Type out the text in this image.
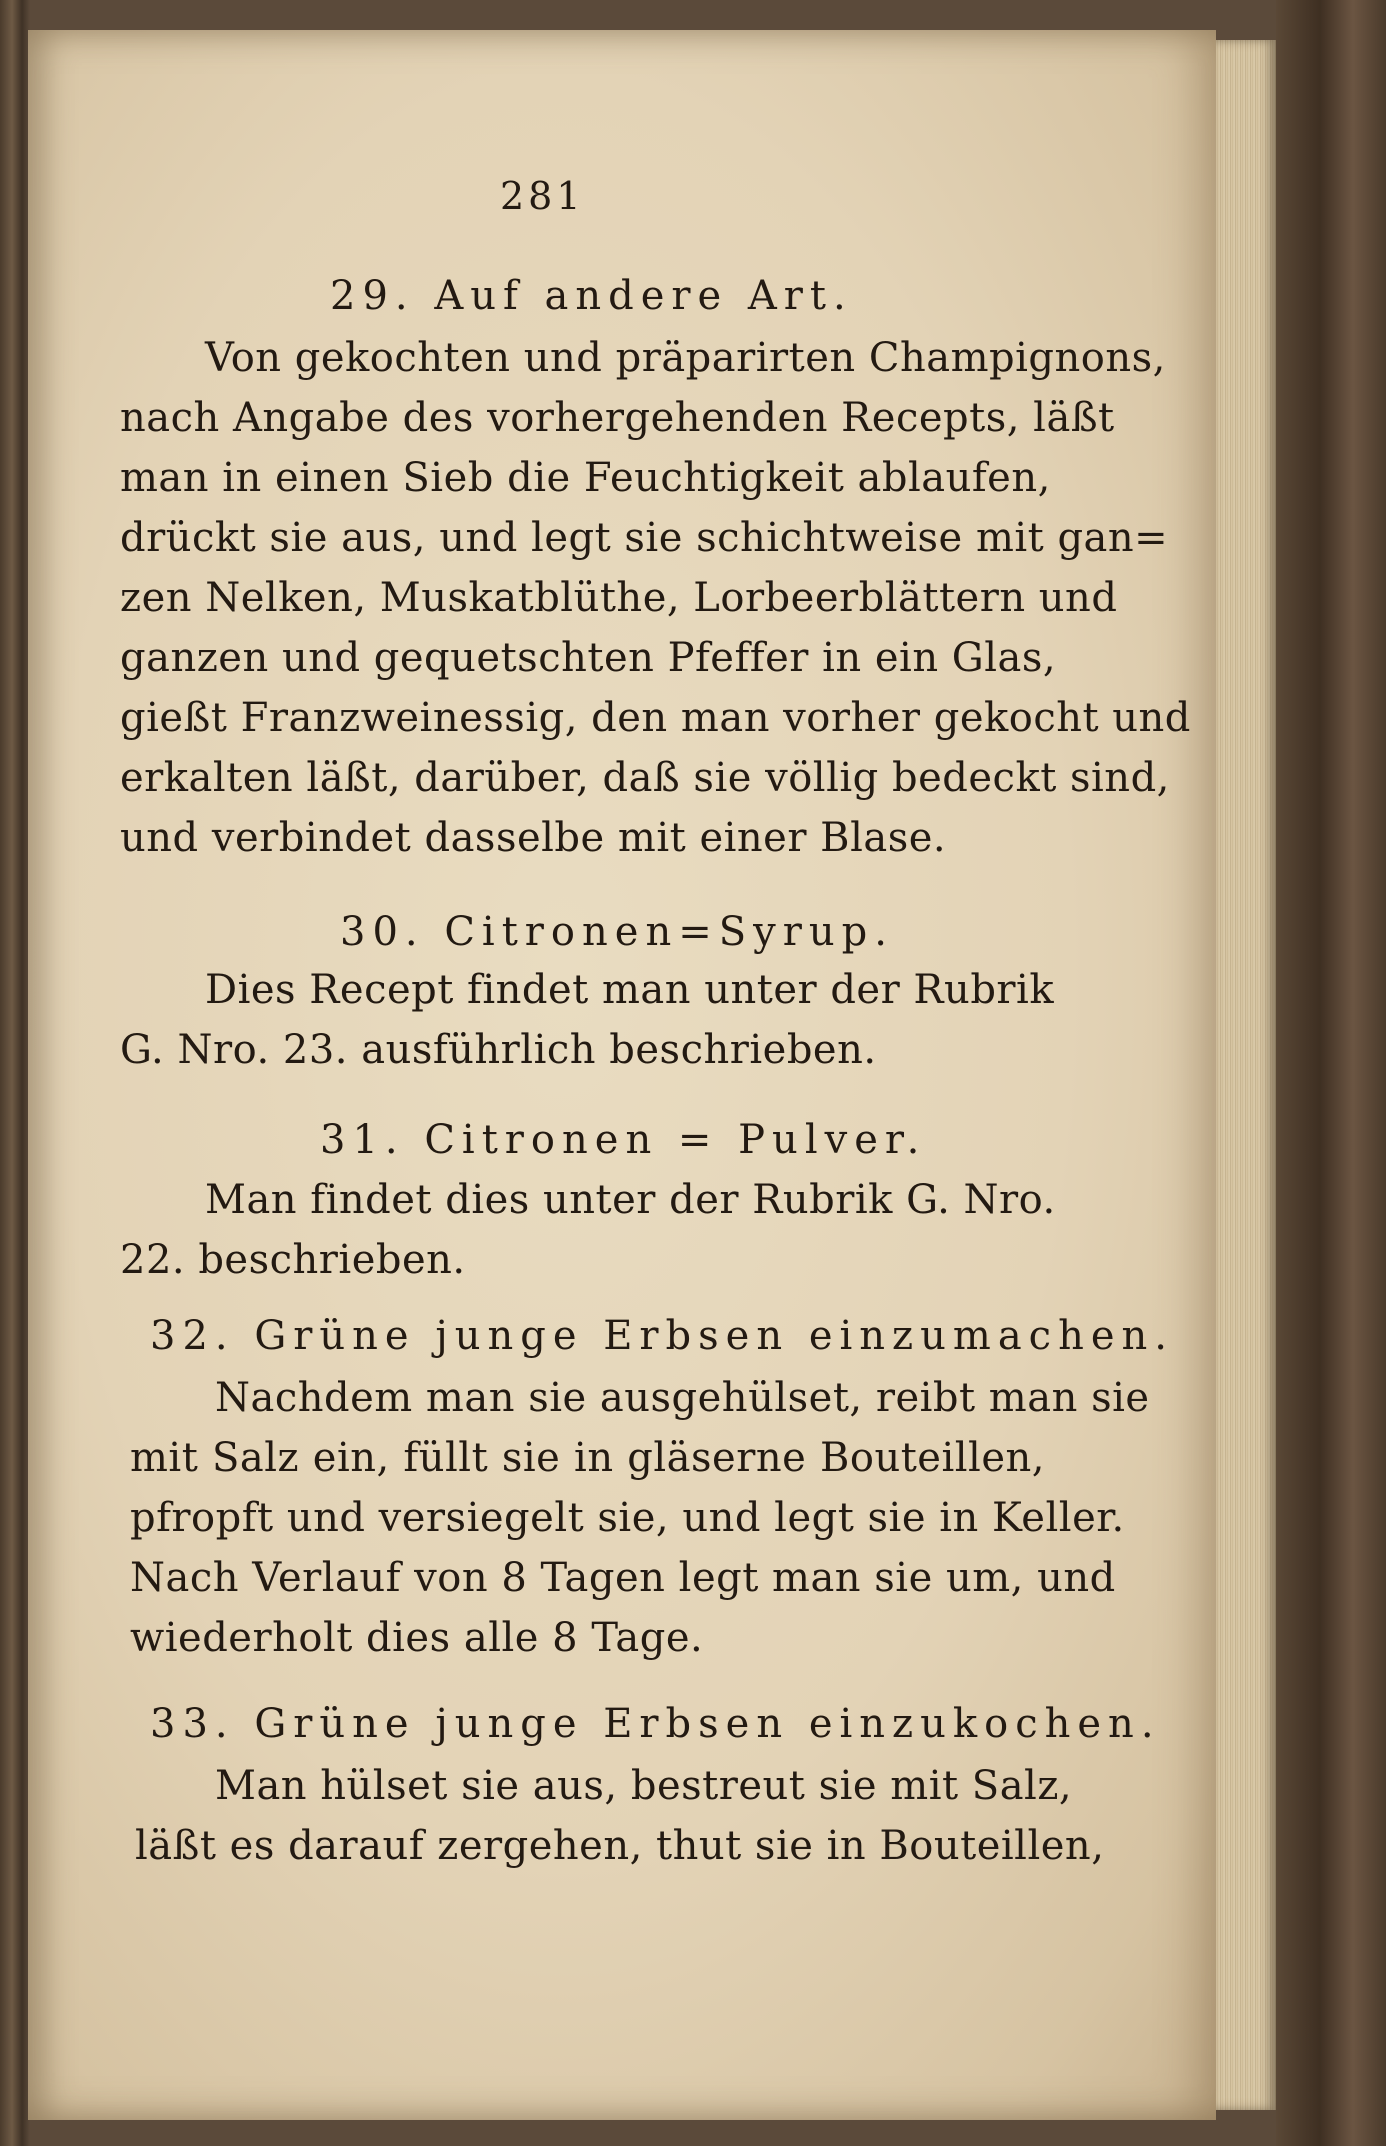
281
29. Auf andere Art.
Von gekochten und präparirten Champignons,
nach Angabe des vorhergehenden Recepts, läßt
man in einen Sieb die Feuchtigkeit ablaufen,
drückt sie aus, und legt sie schichtweise mit gan=
zen Nelken, Muskatblüthe, Lorbeerblättern und
ganzen und gequetschten Pfeffer in ein Glas,
gießt Franzweinessig, den man vorher gekocht und
erkalten läßt, darüber, daß sie völlig bedeckt sind,
und verbindet dasselbe mit einer Blase.
30. Citronen=Syrup.
Dies Recept findet man unter der Rubrik
G. Nro. 23. ausführlich beschrieben.
31. Citronen = Pulver.
Man findet dies unter der Rubrik G. Nro.
22. beschrieben.
32. Grüne junge Erbsen einzumachen.
Nachdem man sie ausgehülset, reibt man sie
mit Salz ein, füllt sie in gläserne Bouteillen,
pfropft und versiegelt sie, und legt sie in Keller.
Nach Verlauf von 8 Tagen legt man sie um, und
wiederholt dies alle 8 Tage.
33. Grüne junge Erbsen einzukochen.
Man hülset sie aus, bestreut sie mit Salz,
läßt es darauf zergehen, thut sie in Bouteillen,
